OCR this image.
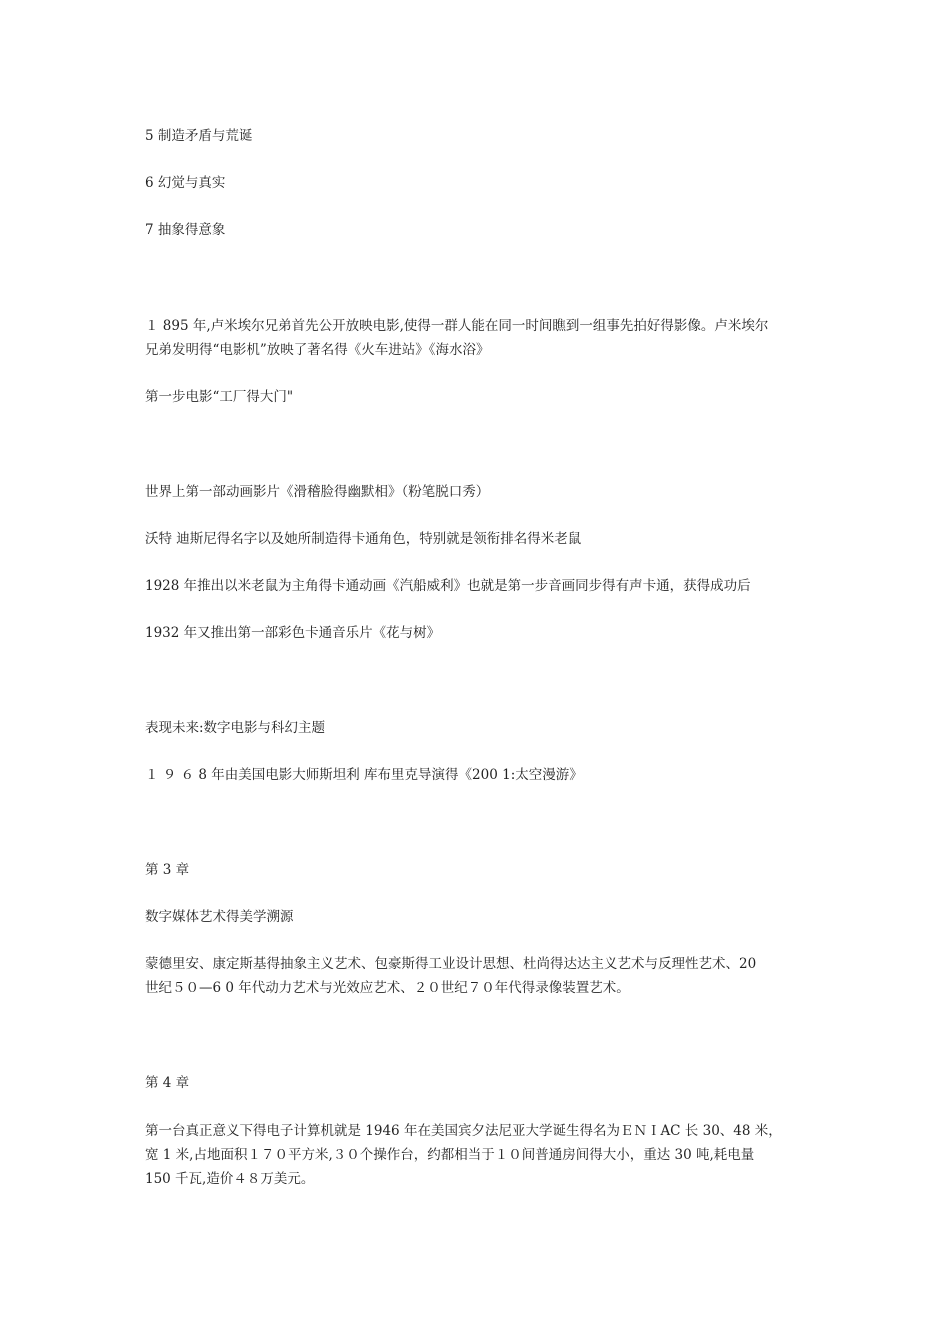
5 制造矛盾与荒诞

6 幻觉与真实

7 抽象得意象

１ 895 年,卢米埃尔兄弟首先公开放映电影,使得一群人能在同一时间瞧到一组事先拍好得影像。卢米埃尔
兄弟发明得“电影机”放映了著名得《火车进站》《海水浴》

第一步电影“工厂得大门"

世界上第一部动画影片《滑稽脸得幽默相》（粉笔脱口秀）

沃特 迪斯尼得名字以及她所制造得卡通角色，特别就是领衔排名得米老鼠

1928 年推出以米老鼠为主角得卡通动画《汽船威利》也就是第一步音画同步得有声卡通，获得成功后

1932 年又推出第一部彩色卡通音乐片《花与树》

表现未来:数字电影与科幻主题

１ ９ ６ 8 年由美国电影大师斯坦利 库布里克导演得《200 1:太空漫游》

第 3 章

数字媒体艺术得美学溯源

蒙德里安、康定斯基得抽象主义艺术、包豪斯得工业设计思想、杜尚得达达主义艺术与反理性艺术、20
世纪５０—6 0 年代动力艺术与光效应艺术、２０世纪７０年代得录像装置艺术。

第 4 章

第一台真正意义下得电子计算机就是 1946 年在美国宾夕法尼亚大学诞生得名为ＥＮＩAC 长 30、48 米，
宽 1 米,占地面积１７０平方米,３０个操作台，约都相当于１０间普通房间得大小，重达 30 吨,耗电量
150 千瓦,造价４８万美元。
